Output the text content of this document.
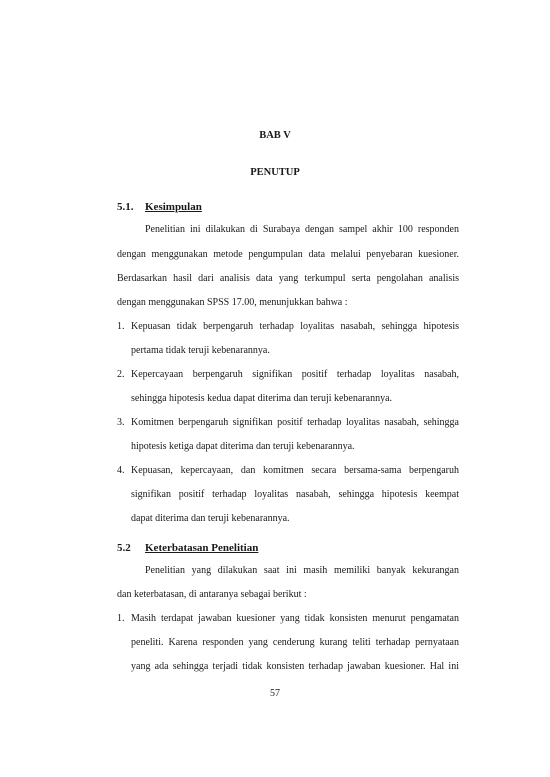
BAB V
PENUTUP
5.1. Kesimpulan
Penelitian ini dilakukan di Surabaya dengan sampel akhir 100 responden
dengan menggunakan metode pengumpulan data melalui penyebaran kuesioner.
Berdasarkan hasil dari analisis data yang terkumpul serta pengolahan analisis
dengan menggunakan SPSS 17.00, menunjukkan bahwa :
1. Kepuasan tidak berpengaruh terhadap loyalitas nasabah, sehingga hipotesis
pertama tidak teruji kebenarannya.
2. Kepercayaan berpengaruh signifikan positif terhadap loyalitas nasabah,
sehingga hipotesis kedua dapat diterima dan teruji kebenarannya.
3. Komitmen berpengaruh signifikan positif terhadap loyalitas nasabah, sehingga
hipotesis ketiga dapat diterima dan teruji kebenarannya.
4. Kepuasan, kepercayaan, dan komitmen secara bersama-sama berpengaruh
signifikan positif terhadap loyalitas nasabah, sehingga hipotesis keempat
dapat diterima dan teruji kebenarannya.
5.2 Keterbatasan Penelitian
Penelitian yang dilakukan saat ini masih memiliki banyak kekurangan
dan keterbatasan, di antaranya sebagai berikut :
1. Masih terdapat jawaban kuesioner yang tidak konsisten menurut pengamatan
peneliti. Karena responden yang cenderung kurang teliti terhadap pernyataan
yang ada sehingga terjadi tidak konsisten terhadap jawaban kuesioner. Hal ini
57
